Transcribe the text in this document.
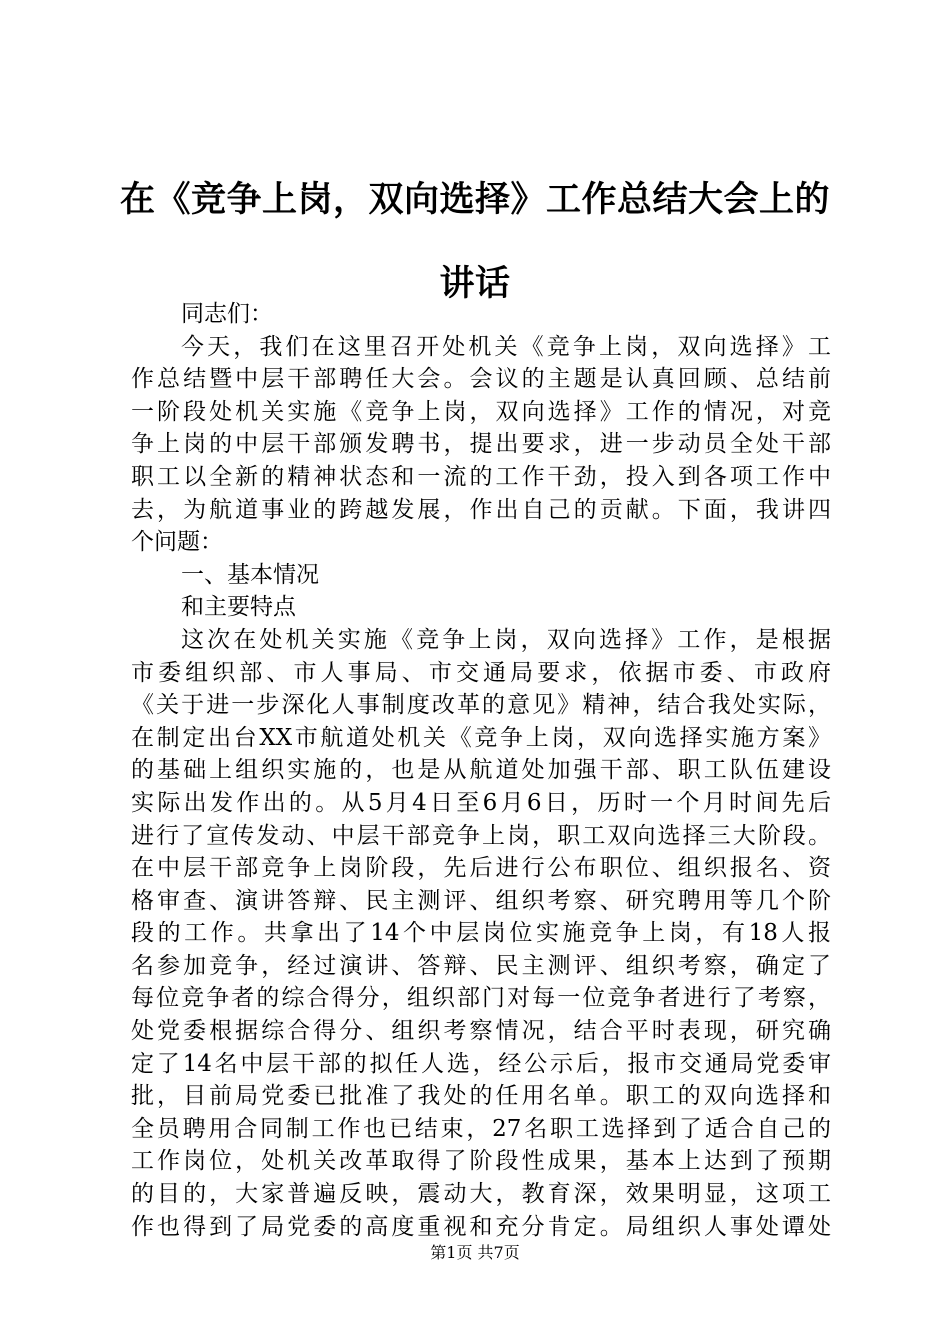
在《竞争上岗，双向选择》工作总结大会上的
讲话
同志们：
今天，我们在这里召开处机关《竞争上岗，双向选择》工
作总结暨中层干部聘任大会。会议的主题是认真回顾、总结前
一阶段处机关实施《竞争上岗，双向选择》工作的情况，对竞
争上岗的中层干部颁发聘书，提出要求，进一步动员全处干部
职工以全新的精神状态和一流的工作干劲，投入到各项工作中
去，为航道事业的跨越发展，作出自己的贡献。下面，我讲四
个问题：
一、基本情况
和主要特点
这次在处机关实施《竞争上岗，双向选择》工作，是根据
市委组织部、市人事局、市交通局要求，依据市委、市政府
《关于进一步深化人事制度改革的意见》精神，结合我处实际，
在制定出台XX市航道处机关《竞争上岗，双向选择实施方案》
的基础上组织实施的，也是从航道处加强干部、职工队伍建设
实际出发作出的。从5月4日至6月6日，历时一个月时间先后
进行了宣传发动、中层干部竞争上岗，职工双向选择三大阶段。
在中层干部竞争上岗阶段，先后进行公布职位、组织报名、资
格审查、演讲答辩、民主测评、组织考察、研究聘用等几个阶
段的工作。共拿出了14个中层岗位实施竞争上岗，有18人报
名参加竞争，经过演讲、答辩、民主测评、组织考察，确定了
每位竞争者的综合得分，组织部门对每一位竞争者进行了考察，
处党委根据综合得分、组织考察情况，结合平时表现，研究确
定了14名中层干部的拟任人选，经公示后，报市交通局党委审
批，目前局党委已批准了我处的任用名单。职工的双向选择和
全员聘用合同制工作也已结束，27名职工选择到了适合自己的
工作岗位，处机关改革取得了阶段性成果，基本上达到了预期
的目的，大家普遍反映，震动大，教育深，效果明显，这项工
作也得到了局党委的高度重视和充分肯定。局组织人事处谭处
第1页 共7页
